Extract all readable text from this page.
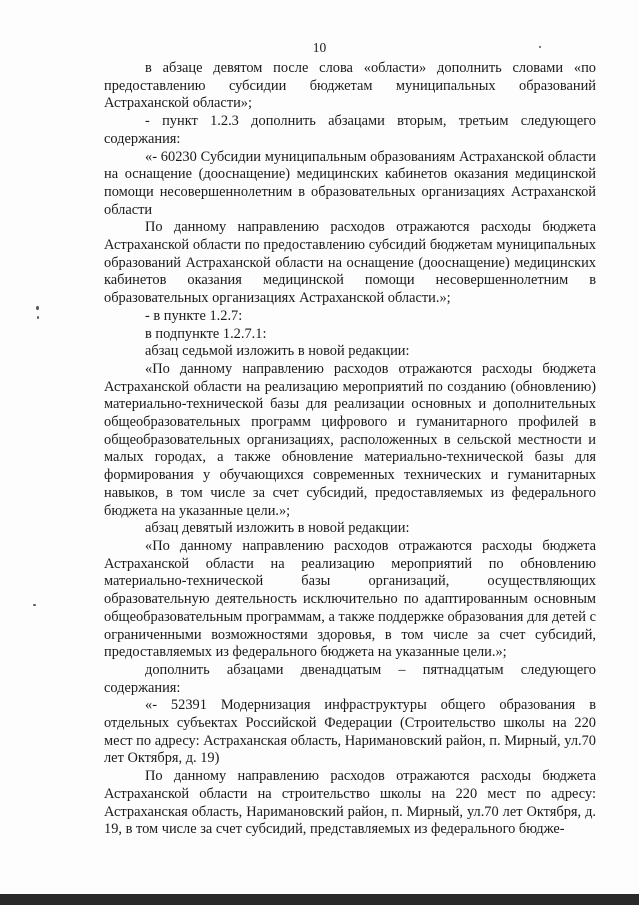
10

в абзаце девятом после слова «области» дополнить словами «по предоставлению субсидии бюджетам муниципальных образований Астраханской области»;

- пункт 1.2.3 дополнить абзацами вторым, третьим следующего содержания:

«- 60230 Субсидии муниципальным образованиям Астраханской области на оснащение (дооснащение) медицинских кабинетов оказания медицинской помощи несовершеннолетним в образовательных организациях Астраханской области

По данному направлению расходов отражаются расходы бюджета Астраханской области по предоставлению субсидий бюджетам муниципальных образований Астраханской области на оснащение (дооснащение) медицинских кабинетов оказания медицинской помощи несовершеннолетним в образовательных организациях Астраханской области.»;

- в пункте 1.2.7:

в подпункте 1.2.7.1:

абзац седьмой изложить в новой редакции:

«По данному направлению расходов отражаются расходы бюджета Астраханской области на реализацию мероприятий по созданию (обновлению) материально-технической базы для реализации основных и дополнительных общеобразовательных программ цифрового и гуманитарного профилей в общеобразовательных организациях, расположенных в сельской местности и малых городах, а также обновление материально-технической базы для формирования у обучающихся современных технических и гуманитарных навыков, в том числе за счет субсидий, предоставляемых из федерального бюджета на указанные цели.»;

абзац девятый изложить в новой редакции:

«По данному направлению расходов отражаются расходы бюджета Астраханской области на реализацию мероприятий по обновлению материально-технической базы организаций, осуществляющих образовательную деятельность исключительно по адаптированным основным общеобразовательным программам, а также поддержке образования для детей с ограниченными возможностями здоровья, в том числе за счет субсидий, предоставляемых из федерального бюджета на указанные цели.»;

дополнить абзацами двенадцатым – пятнадцатым следующего содержания:

«- 52391 Модернизация инфраструктуры общего образования в отдельных субъектах Российской Федерации (Строительство школы на 220 мест по адресу: Астраханская область, Наримановский район, п. Мирный, ул.70 лет Октября, д. 19)

По данному направлению расходов отражаются расходы бюджета Астраханской области на строительство школы на 220 мест по адресу: Астраханская область, Наримановский район, п. Мирный, ул.70 лет Октября, д. 19, в том числе за счет субсидий, представляемых из федерального бюдже-
